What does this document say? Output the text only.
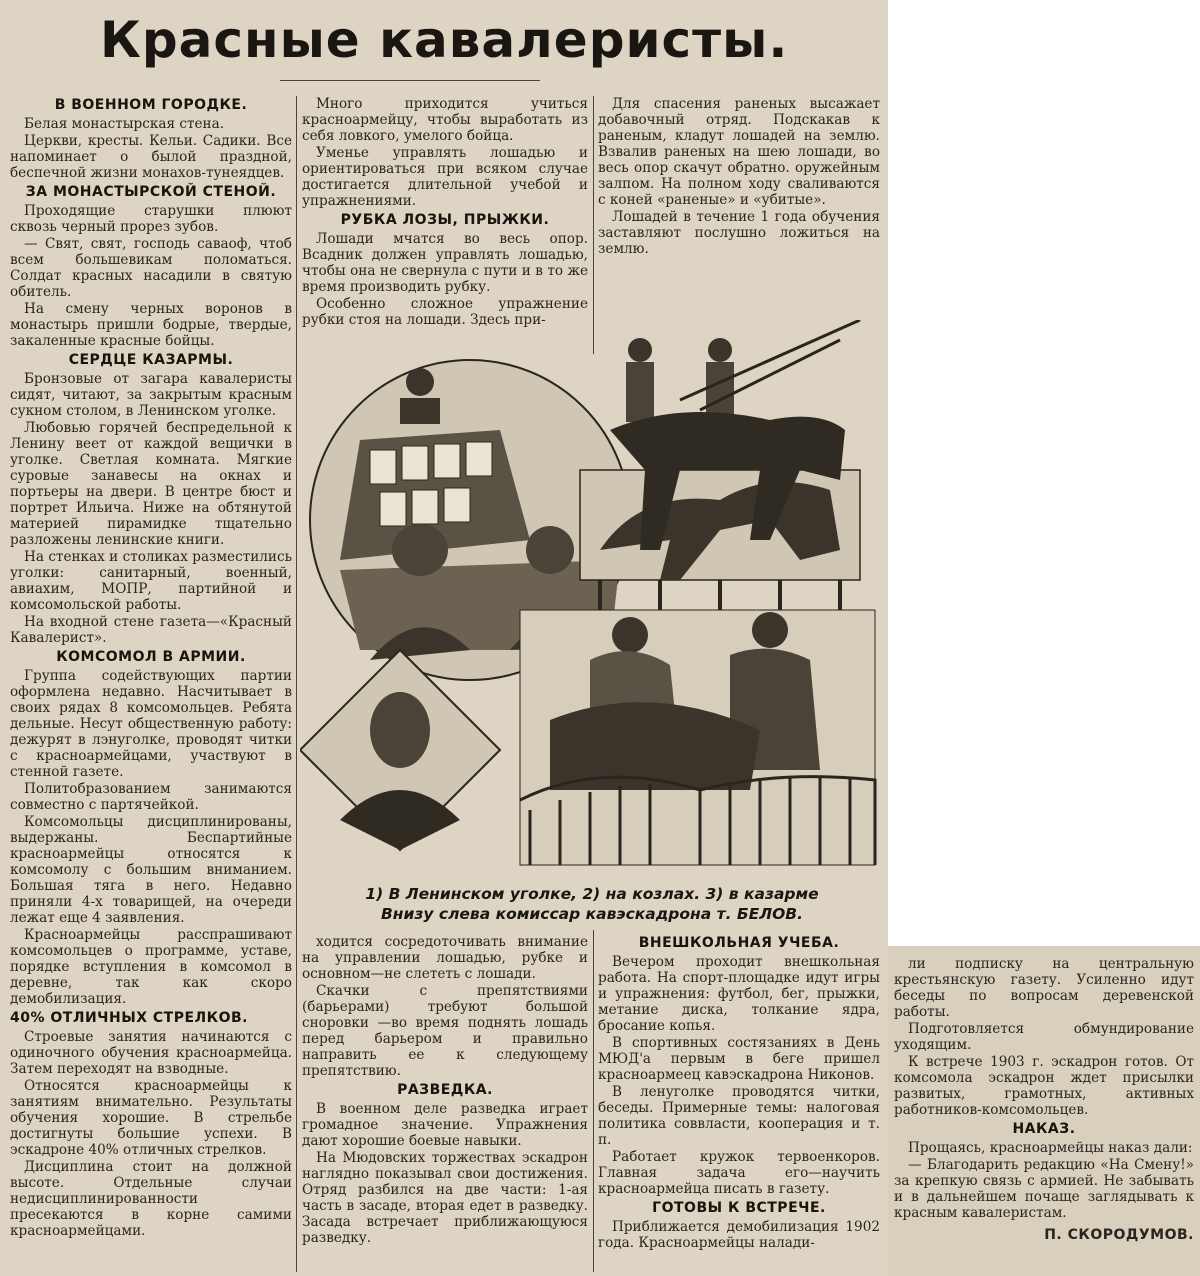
Красные кавалеристы.
В ВОЕННОМ ГОРОДКЕ.

Белая монастырская стена.

Церкви, кресты. Кельи. Садики. Все напоминает о былой праздной, беспечной жизни монахов-тунеядцев.

ЗА МОНАСТЫРСКОЙ СТЕНОЙ.

Проходящие старушки плюют сквозь черный прорез зубов.

— Свят, свят, господь саваоф, чтоб всем большевикам поломаться. Солдат красных насадили в святую обитель.

На смену черных воронов в монастырь пришли бодрые, твердые, закаленные красные бойцы.

СЕРДЦЕ КАЗАРМЫ.

Бронзовые от загара кавалеристы сидят, читают, за закрытым красным сукном столом, в Ленинском уголке.

Любовью горячей беспредельной к Ленину веет от каждой вещички в уголке. Светлая комната. Мягкие суровые занавесы на окнах и портьеры на двери. В центре бюст и портрет Ильича. Ниже на обтянутой материей пирамидке тщательно разложены ленинские книги.

На стенках и столиках разместились уголки: санитарный, военный, авиахим, МОПР, партийной и комсомольской работы.

На входной стене газета—«Красный Кавалерист».

КОМСОМОЛ В АРМИИ.

Группа содействующих партии оформлена недавно. Насчитывает в своих рядах 8 комсомольцев. Ребята дельные. Несут общественную работу: дежурят в лэнуголке, проводят читки с красноармейцами, участвуют в стенной газете.

Политобразованием занимаются совместно с партячейкой.

Комсомольцы дисциплинированы, выдержаны. Беспартийные красноармейцы относятся к комсомолу с большим вниманием. Большая тяга в него. Недавно приняли 4-х товарищей, на очереди лежат еще 4 заявления.

Красноармейцы расспрашивают комсомольцев о программе, уставе, порядке вступления в комсомол в деревне, так как скоро демобилизация.

40% ОТЛИЧНЫХ СТРЕЛКОВ.

Строевые занятия начинаются с одиночного обучения красноармейца. Затем переходят на взводные.

Относятся красноармейцы к занятиям внимательно. Результаты обучения хорошие. В стрельбе достигнуты большие успехи. В эскадроне 40% отличных стрелков.

Дисциплина стоит на должной высоте. Отдельные случаи недисциплинированности пресекаются в корне самими красноармейцами.

Много приходится учиться красноармейцу, чтобы выработать из себя ловкого, умелого бойца.

Уменье управлять лошадью и ориентироваться при всяком случае достигается длительной учебой и упражнениями.

РУБКА ЛОЗЫ, ПРЫЖКИ.

Лошади мчатся во весь опор. Всадник должен управлять лошадью, чтобы она не свернула с пути и в то же время производить рубку.

Особенно сложное упражнение рубки стоя на лошади. Здесь при-

Для спасения раненых высажает добавочный отряд. Подскакав к раненым, кладут лошадей на землю. Взвалив раненых на шею лошади, во весь опор скачут обратно. оружейным залпом. На полном ходу сваливаются с коней «раненые» и «убитые».

Лошадей в течение 1 года обучения заставляют послушно ложиться на землю.

1) В Ленинском уголке, 2) на козлах. 3) в казарме
Внизу слева комиссар кавэскадрона т. БЕЛОВ.

ходится сосредоточивать внимание на управлении лошадью, рубке и основном—не слететь с лошади.

Скачки с препятствиями (барьерами) требуют большой сноровки —во время поднять лошадь перед барьером и правильно направить ее к следующему препятствию.

РАЗВЕДКА.

В военном деле разведка играет громадное значение. Упражнения дают хорошие боевые навыки.

На Мюдовских торжествах эскадрон наглядно показывал свои достижения. Отряд разбился на две части: 1-ая часть в засаде, вторая едет в разведку. Засада встречает приближающуюся разведку.

ВНЕШКОЛЬНАЯ УЧЕБА.

Вечером проходит внешкольная работа. На спорт-площадке идут игры и упражнения: футбол, бег, прыжки, метание диска, толкание ядра, бросание копья.

В спортивных состязаниях в День МЮД'а первым в беге пришел красноармеец кавэскадрона Никонов.

В ленуголке проводятся читки, беседы. Примерные темы: налоговая политика соввласти, кооперация и т. п.

Работает кружок тервоенкоров. Главная задача его—научить красноармейца писать в газету.

ГОТОВЫ К ВСТРЕЧЕ.

Приближается демобилизация 1902 года. Красноармейцы налади-

ли подписку на центральную крестьянскую газету. Усиленно идут беседы по вопросам деревенской работы.

Подготовляется обмундирование уходящим.

К встрече 1903 г. эскадрон готов. От комсомола эскадрон ждет присылки развитых, грамотных, активных работников-комсомольцев.

НАКАЗ.

Прощаясь, красноармейцы наказ дали:

— Благодарить редакцию «На Смену!» за крепкую связь с армией. Не забывать и в дальнейшем почаще заглядывать к красным кавалеристам.

П. СКОРОДУМОВ.
